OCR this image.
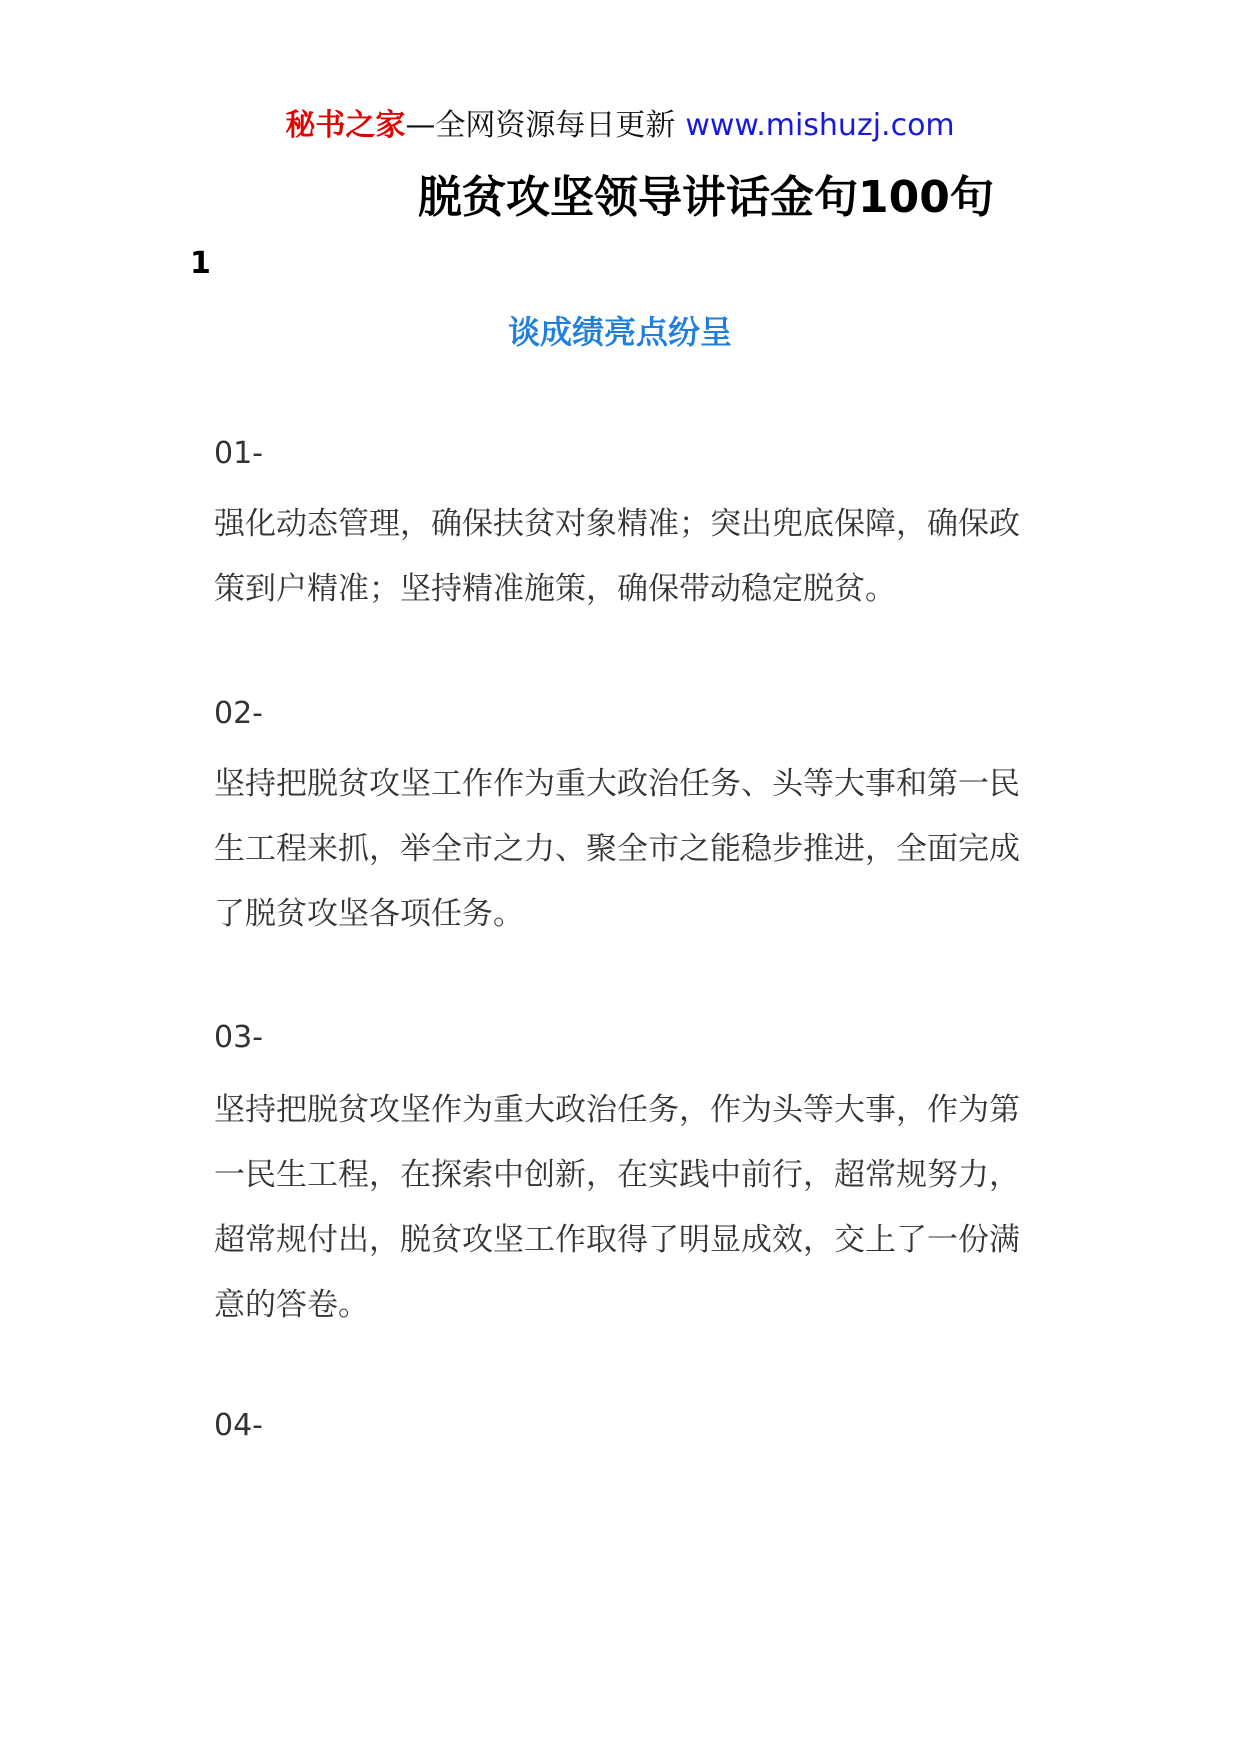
秘书之家—全网资源每日更新 www.mishuzj.com
脱贫攻坚领导讲话金句100句
1
谈成绩亮点纷呈
01-
强化动态管理，确保扶贫对象精准；突出兜底保障，确保政策到户精准；坚持精准施策，确保带动稳定脱贫。
02-
坚持把脱贫攻坚工作作为重大政治任务、头等大事和第一民生工程来抓，举全市之力、聚全市之能稳步推进，全面完成了脱贫攻坚各项任务。
03-
坚持把脱贫攻坚作为重大政治任务，作为头等大事，作为第一民生工程，在探索中创新，在实践中前行，超常规努力，超常规付出，脱贫攻坚工作取得了明显成效，交上了一份满意的答卷。
04-
